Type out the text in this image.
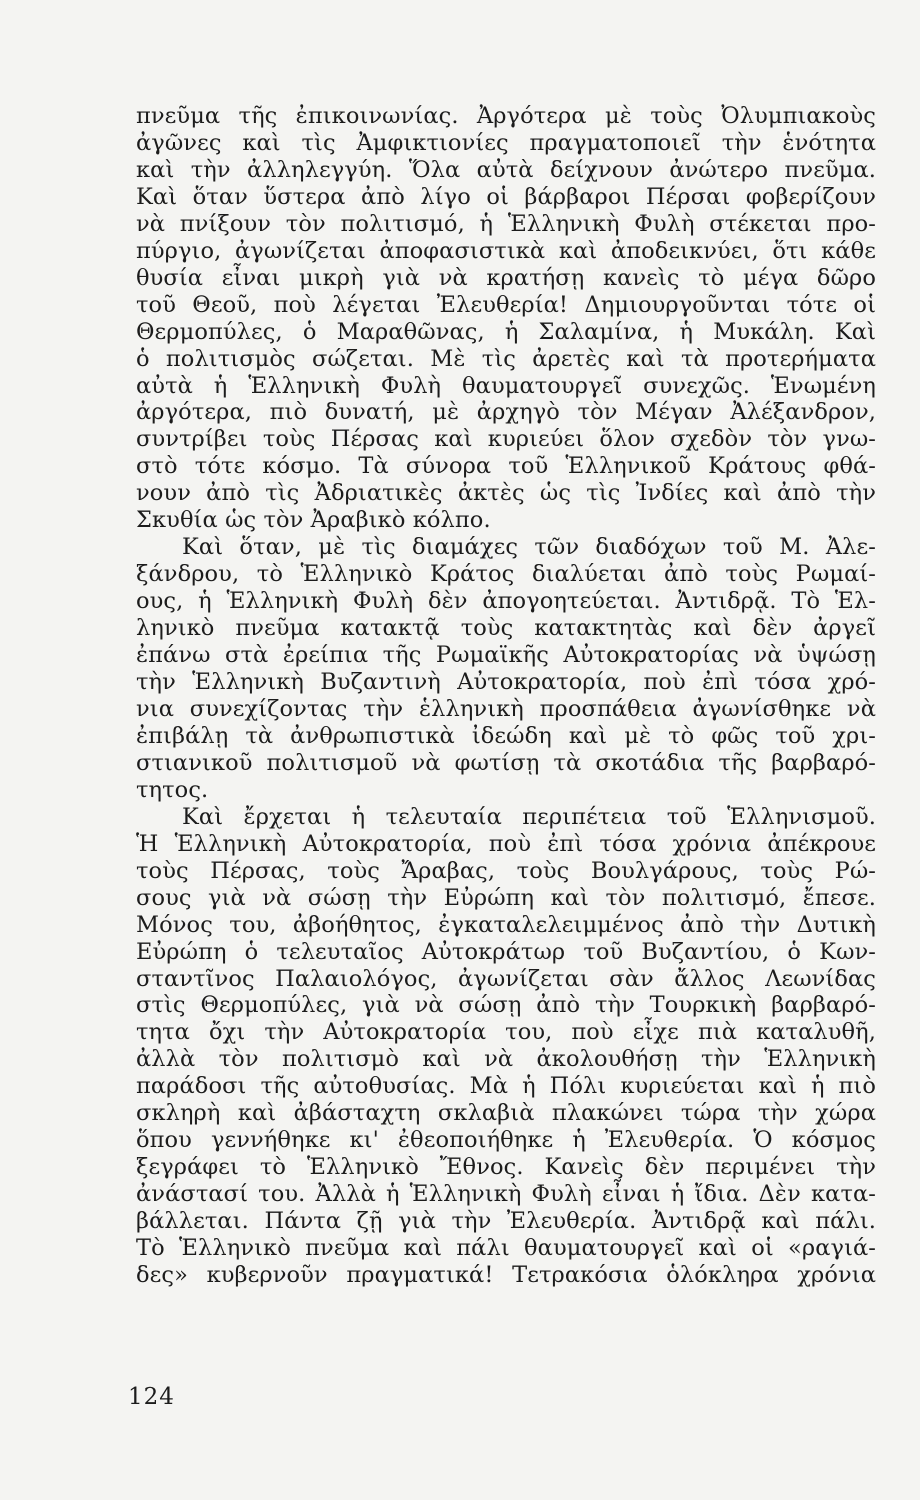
πνεῦμα τῆς ἐπικοινωνίας. Ἀργότερα μὲ τοὺς Ὀλυμπιακοὺς
ἀγῶνες καὶ τὶς Ἀμφικτιονίες πραγματοποιεῖ τὴν ἑνότητα
καὶ τὴν ἀλληλεγγύη. Ὅλα αὐτὰ δείχνουν ἀνώτερο πνεῦμα.
Καὶ ὅταν ὕστερα ἀπὸ λίγο οἱ βάρβαροι Πέρσαι φοβερίζουν
νὰ πνίξουν τὸν πολιτισμό, ἡ Ἑλληνικὴ Φυλὴ στέκεται προ-
πύργιο, ἀγωνίζεται ἀποφασιστικὰ καὶ ἀποδεικνύει, ὅτι κάθε
θυσία εἶναι μικρὴ γιὰ νὰ κρατήσῃ κανεὶς τὸ μέγα δῶρο
τοῦ Θεοῦ, ποὺ λέγεται Ἐλευθερία! Δημιουργοῦνται τότε οἱ
Θερμοπύλες, ὁ Μαραθῶνας, ἡ Σαλαμίνα, ἡ Μυκάλη. Καὶ
ὁ πολιτισμὸς σώζεται. Μὲ τὶς ἀρετὲς καὶ τὰ προτερήματα
αὐτὰ ἡ Ἑλληνικὴ Φυλὴ θαυματουργεῖ συνεχῶς. Ἑνωμένη
ἀργότερα, πιὸ δυνατή, μὲ ἀρχηγὸ τὸν Μέγαν Ἀλέξανδρον,
συντρίβει τοὺς Πέρσας καὶ κυριεύει ὅλον σχεδὸν τὸν γνω-
στὸ τότε κόσμο. Τὰ σύνορα τοῦ Ἑλληνικοῦ Κράτους φθά-
νουν ἀπὸ τὶς Ἀδριατικὲς ἀκτὲς ὡς τὶς Ἰνδίες καὶ ἀπὸ τὴν
Σκυθία ὡς τὸν Ἀραβικὸ κόλπο.
Καὶ ὅταν, μὲ τὶς διαμάχες τῶν διαδόχων τοῦ Μ. Ἀλε-
ξάνδρου, τὸ Ἑλληνικὸ Κράτος διαλύεται ἀπὸ τοὺς Ρωμαί-
ους, ἡ Ἑλληνικὴ Φυλὴ δὲν ἀπογοητεύεται. Ἀντιδρᾷ. Τὸ Ἑλ-
ληνικὸ πνεῦμα κατακτᾷ τοὺς κατακτητὰς καὶ δὲν ἀργεῖ
ἐπάνω στὰ ἐρείπια τῆς Ρωμαϊκῆς Αὐτοκρατορίας νὰ ὑψώσῃ
τὴν Ἑλληνικὴ Βυζαντινὴ Αὐτοκρατορία, ποὺ ἐπὶ τόσα χρό-
νια συνεχίζοντας τὴν ἑλληνικὴ προσπάθεια ἀγωνίσθηκε νὰ
ἐπιβάλῃ τὰ ἀνθρωπιστικὰ ἰδεώδη καὶ μὲ τὸ φῶς τοῦ χρι-
στιανικοῦ πολιτισμοῦ νὰ φωτίσῃ τὰ σκοτάδια τῆς βαρβαρό-
τητος.
Καὶ ἔρχεται ἡ τελευταία περιπέτεια τοῦ Ἑλληνισμοῦ.
Ἡ Ἑλληνικὴ Αὐτοκρατορία, ποὺ ἐπὶ τόσα χρόνια ἀπέκρουε
τοὺς Πέρσας, τοὺς Ἄραβας, τοὺς Βουλγάρους, τοὺς Ρώ-
σους γιὰ νὰ σώσῃ τὴν Εὐρώπη καὶ τὸν πολιτισμό, ἔπεσε.
Μόνος του, ἀβοήθητος, ἐγκαταλελειμμένος ἀπὸ τὴν Δυτικὴ
Εὐρώπη ὁ τελευταῖος Αὐτοκράτωρ τοῦ Βυζαντίου, ὁ Κων-
σταντῖνος Παλαιολόγος, ἀγωνίζεται σὰν ἄλλος Λεωνίδας
στὶς Θερμοπύλες, γιὰ νὰ σώσῃ ἀπὸ τὴν Τουρκικὴ βαρβαρό-
τητα ὄχι τὴν Αὐτοκρατορία του, ποὺ εἶχε πιὰ καταλυθῆ,
ἀλλὰ τὸν πολιτισμὸ καὶ νὰ ἀκολουθήσῃ τὴν Ἑλληνικὴ
παράδοσι τῆς αὐτοθυσίας. Μὰ ἡ Πόλι κυριεύεται καὶ ἡ πιὸ
σκληρὴ καὶ ἀβάσταχτη σκλαβιὰ πλακώνει τώρα τὴν χώρα
ὅπου γεννήθηκε κι' ἐθεοποιήθηκε ἡ Ἐλευθερία. Ὁ κόσμος
ξεγράφει τὸ Ἑλληνικὸ Ἔθνος. Κανεὶς δὲν περιμένει τὴν
ἀνάστασί του. Ἀλλὰ ἡ Ἑλληνικὴ Φυλὴ εἶναι ἡ ἴδια. Δὲν κατα-
βάλλεται. Πάντα ζῇ γιὰ τὴν Ἐλευθερία. Ἀντιδρᾷ καὶ πάλι.
Τὸ Ἑλληνικὸ πνεῦμα καὶ πάλι θαυματουργεῖ καὶ οἱ «ραγιά-
δες» κυβερνοῦν πραγματικά! Τετρακόσια ὁλόκληρα χρόνια
124
